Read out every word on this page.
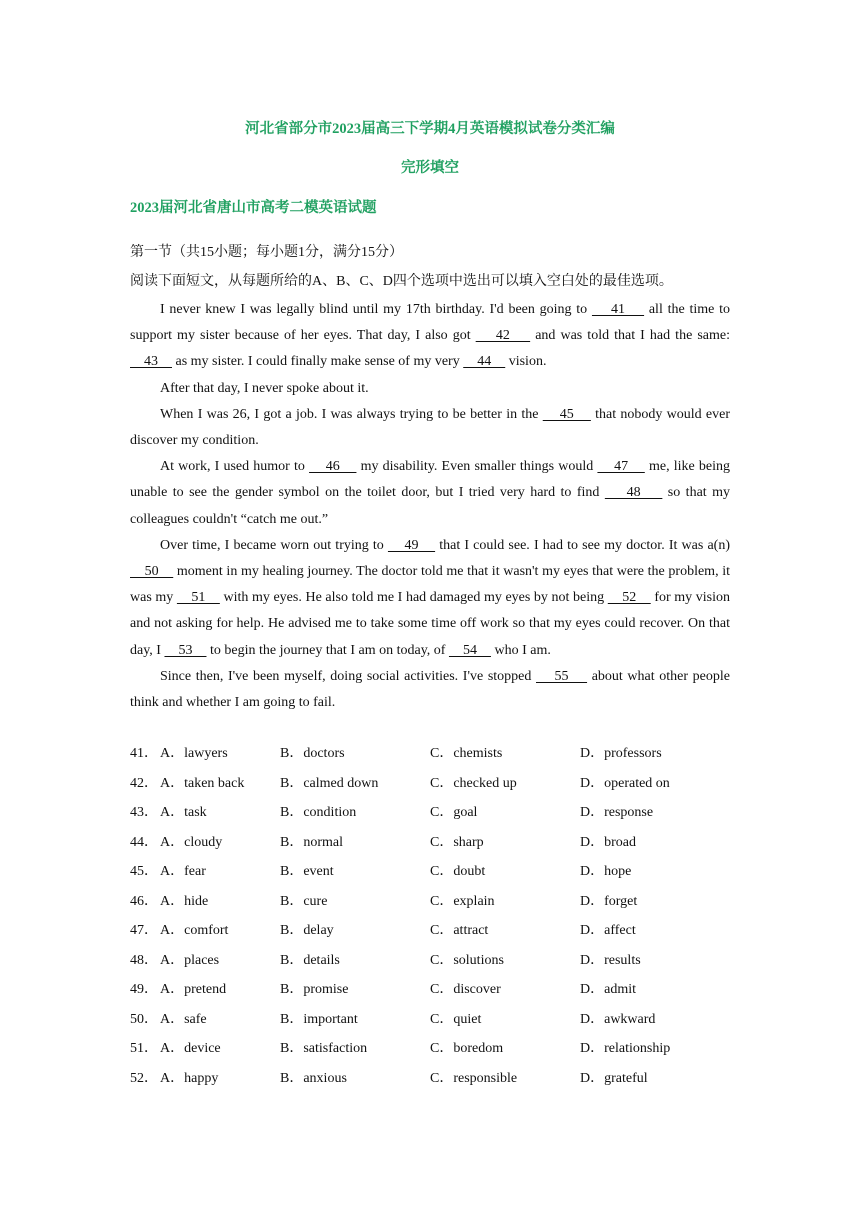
河北省部分市2023届高三下学期4月英语模拟试卷分类汇编
完形填空
2023届河北省唐山市高考二模英语试题
第一节（共15小题；每小题1分，满分15分）
阅读下面短文，从每题所给的A、B、C、D四个选项中选出可以填入空白处的最佳选项。

I never knew I was legally blind until my 17th birthday. I'd been going to     41     all the time to support my sister because of her eyes. That day, I also got     42     and was told that I had the same:     43     as my sister. I could finally make sense of my very     44     vision.

After that day, I never spoke about it.

When I was 26, I got a job. I was always trying to be better in the     45     that nobody would ever discover my condition.

At work, I used humor to     46     my disability. Even smaller things would     47     me, like being unable to see the gender symbol on the toilet door, but I tried very hard to find     48     so that my colleagues couldn't “catch me out.”

Over time, I became worn out trying to     49     that I could see. I had to see my doctor. It was a(n)     50     moment in my healing journey. The doctor told me that it wasn't my eyes that were the problem, it was my     51     with my eyes. He also told me I had damaged my eyes by not being     52     for my vision and not asking for help. He advised me to take some time off work so that my eyes could recover. On that day, I     53     to begin the journey that I am on today, of     54     who I am.

Since then, I've been myself, doing social activities. I've stopped     55     about what other people think and whether I am going to fail.

41． A．lawyers	B．doctors	C．chemists	D．professors
42． A．taken back	B．calmed down	C．checked up	D．operated on
43． A．task	B．condition	C．goal	D．response
44． A．cloudy	B．normal	C．sharp	D．broad
45． A．fear	B．event	C．doubt	D．hope
46． A．hide	B．cure	C．explain	D．forget
47． A．comfort	B．delay	C．attract	D．affect
48． A．places	B．details	C．solutions	D．results
49． A．pretend	B．promise	C．discover	D．admit
50． A．safe	B．important	C．quiet	D．awkward
51． A．device	B．satisfaction	C．boredom	D．relationship
52． A．happy	B．anxious	C．responsible	D．grateful
